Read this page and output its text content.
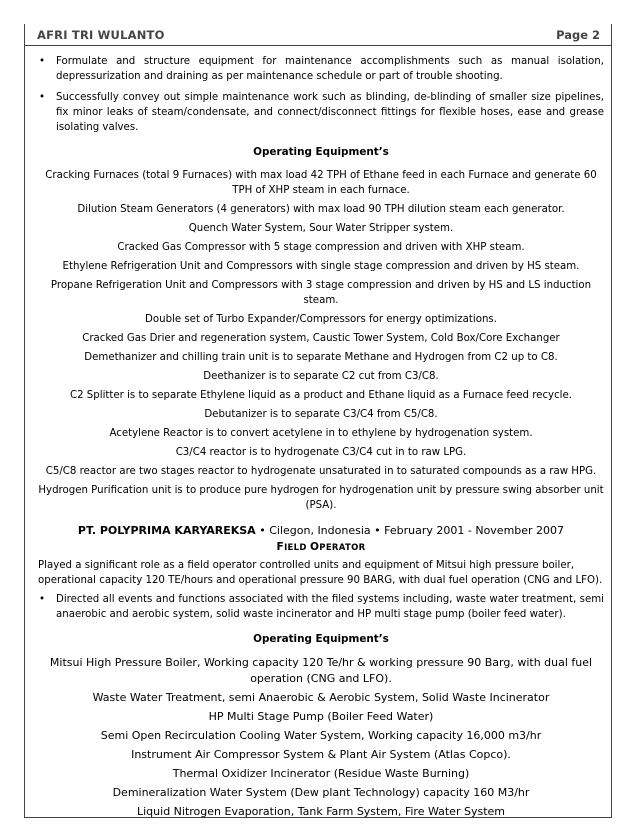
AFRI TRI WULANTO	Page 2
• Formulate and structure equipment for maintenance accomplishments such as manual isolation, depressurization and draining as per maintenance schedule or part of trouble shooting.
• Successfully convey out simple maintenance work such as blinding, de-blinding of smaller size pipelines, fix minor leaks of steam/condensate, and connect/disconnect fittings for flexible hoses, ease and grease isolating valves.
Operating Equipment’s
Cracking Furnaces (total 9 Furnaces) with max load 42 TPH of Ethane feed in each Furnace and generate 60 TPH of XHP steam in each furnace.
Dilution Steam Generators (4 generators) with max load 90 TPH dilution steam each generator.
Quench Water System, Sour Water Stripper system.
Cracked Gas Compressor with 5 stage compression and driven with XHP steam.
Ethylene Refrigeration Unit and Compressors with single stage compression and driven by HS steam.
Propane Refrigeration Unit and Compressors with 3 stage compression and driven by HS and LS induction steam.
Double set of Turbo Expander/Compressors for energy optimizations.
Cracked Gas Drier and regeneration system, Caustic Tower System, Cold Box/Core Exchanger
Demethanizer and chilling train unit is to separate Methane and Hydrogen from C2 up to C8.
Deethanizer is to separate C2 cut from C3/C8.
C2 Splitter is to separate Ethylene liquid as a product and Ethane liquid as a Furnace feed recycle.
Debutanizer is to separate C3/C4 from C5/C8.
Acetylene Reactor is to convert acetylene in to ethylene by hydrogenation system.
C3/C4 reactor is to hydrogenate C3/C4 cut in to raw LPG.
C5/C8 reactor are two stages reactor to hydrogenate unsaturated in to saturated compounds as a raw HPG.
Hydrogen Purification unit is to produce pure hydrogen for hydrogenation unit by pressure swing absorber unit (PSA).
PT. POLYPRIMA KARYAREKSA • Cilegon, Indonesia • February 2001 - November 2007
FIELD OPERATOR
Played a significant role as a field operator controlled units and equipment of Mitsui high pressure boiler, operational capacity 120 TE/hours and operational pressure 90 BARG, with dual fuel operation (CNG and LFO).
• Directed all events and functions associated with the filed systems including, waste water treatment, semi anaerobic and aerobic system, solid waste incinerator and HP multi stage pump (boiler feed water).
Operating Equipment’s
Mitsui High Pressure Boiler, Working capacity 120 Te/hr & working pressure 90 Barg, with dual fuel operation (CNG and LFO).
Waste Water Treatment, semi Anaerobic & Aerobic System, Solid Waste Incinerator
HP Multi Stage Pump (Boiler Feed Water)
Semi Open Recirculation Cooling Water System, Working capacity 16,000 m3/hr
Instrument Air Compressor System & Plant Air System (Atlas Copco).
Thermal Oxidizer Incinerator (Residue Waste Burning)
Demineralization Water System (Dew plant Technology) capacity 160 M3/hr
Liquid Nitrogen Evaporation, Tank Farm System, Fire Water System
